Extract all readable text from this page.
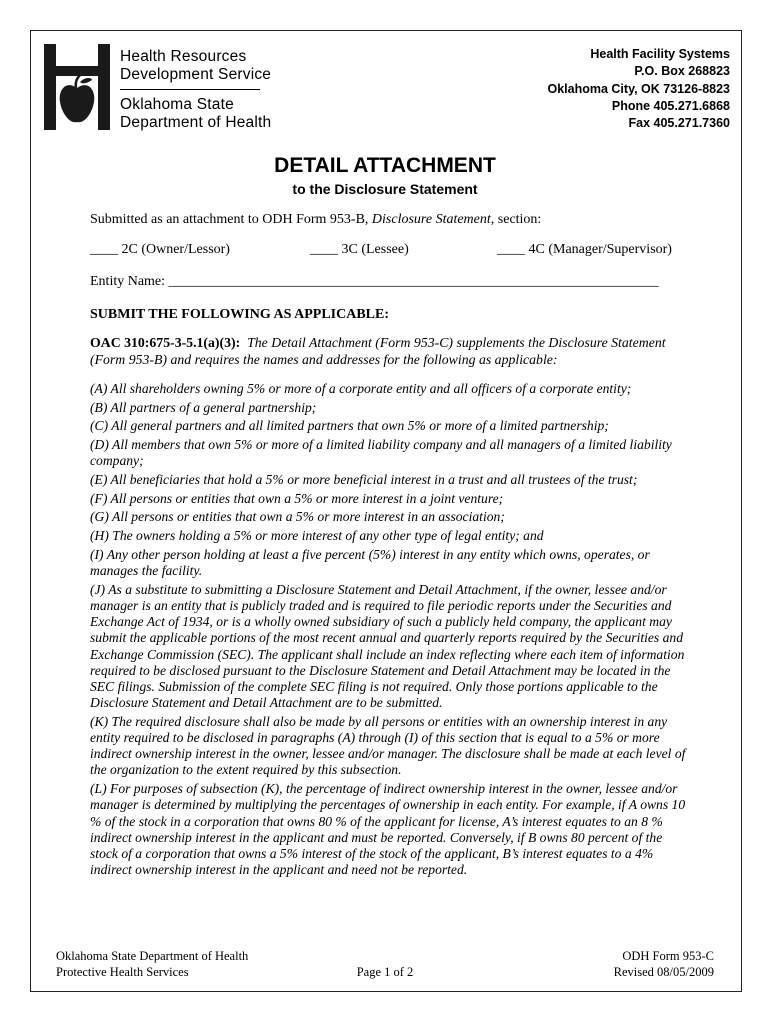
Health Resources
Development Service
Oklahoma State
Department of Health
Health Facility Systems
P.O. Box 268823
Oklahoma City, OK 73126-8823
Phone 405.271.6868
Fax 405.271.7360
DETAIL ATTACHMENT
to the Disclosure Statement
Submitted as an attachment to ODH Form 953-B, Disclosure Statement, section:
____ 2C (Owner/Lessor)	____ 3C (Lessee)	____ 4C (Manager/Supervisor)
Entity Name: ______________________________________________________________________
SUBMIT THE FOLLOWING AS APPLICABLE:
OAC 310:675-3-5.1(a)(3): The Detail Attachment (Form 953-C) supplements the Disclosure Statement (Form 953-B) and requires the names and addresses for the following as applicable:

(A) All shareholders owning 5% or more of a corporate entity and all officers of a corporate entity;

(B) All partners of a general partnership;

(C) All general partners and all limited partners that own 5% or more of a limited partnership;

(D) All members that own 5% or more of a limited liability company and all managers of a limited liability company;

(E) All beneficiaries that hold a 5% or more beneficial interest in a trust and all trustees of the trust;

(F) All persons or entities that own a 5% or more interest in a joint venture;

(G) All persons or entities that own a 5% or more interest in an association;

(H) The owners holding a 5% or more interest of any other type of legal entity; and

(I) Any other person holding at least a five percent (5%) interest in any entity which owns, operates, or manages the facility.

(J) As a substitute to submitting a Disclosure Statement and Detail Attachment, if the owner, lessee and/or manager is an entity that is publicly traded and is required to file periodic reports under the Securities and Exchange Act of 1934, or is a wholly owned subsidiary of such a publicly held company, the applicant may submit the applicable portions of the most recent annual and quarterly reports required by the Securities and Exchange Commission (SEC). The applicant shall include an index reflecting where each item of information required to be disclosed pursuant to the Disclosure Statement and Detail Attachment may be located in the SEC filings. Submission of the complete SEC filing is not required. Only those portions applicable to the Disclosure Statement and Detail Attachment are to be submitted.

(K) The required disclosure shall also be made by all persons or entities with an ownership interest in any entity required to be disclosed in paragraphs (A) through (I) of this section that is equal to a 5% or more indirect ownership interest in the owner, lessee and/or manager. The disclosure shall be made at each level of the organization to the extent required by this subsection.

(L) For purposes of subsection (K), the percentage of indirect ownership interest in the owner, lessee and/or manager is determined by multiplying the percentages of ownership in each entity. For example, if A owns 10 % of the stock in a corporation that owns 80 % of the applicant for license, A’s interest equates to an 8 % indirect ownership interest in the applicant and must be reported. Conversely, if B owns 80 percent of the stock of a corporation that owns a 5% interest of the stock of the applicant, B’s interest equates to a 4% indirect ownership interest in the applicant and need not be reported.

Oklahoma State Department of Health
Protective Health Services	Page 1 of 2
ODH Form 953-C
Revised 08/05/2009
